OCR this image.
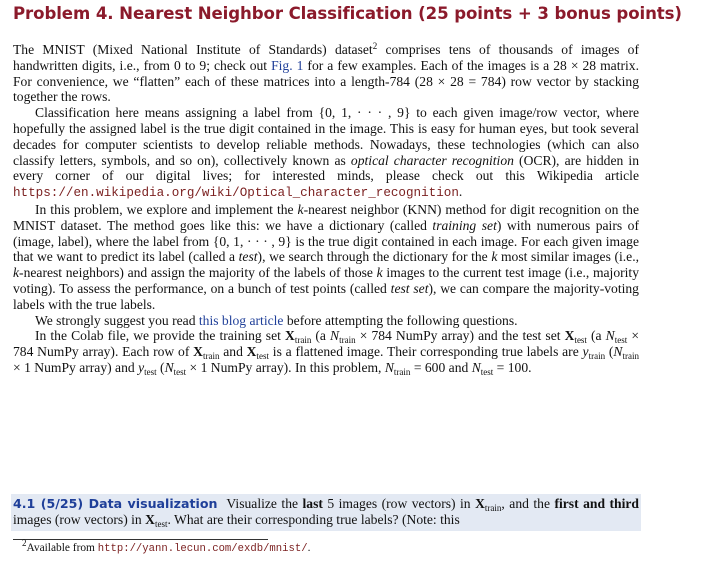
Problem 4. Nearest Neighbor Classification (25 points + 3 bonus points)

The MNIST (Mixed National Institute of Standards) dataset$^2$ comprises tens of thousands of images of handwritten digits, i.e., from 0 to 9; check out Fig. 1 for a few examples. Each of the images is a 28 × 28 matrix. For convenience, we “flatten” each of these matrices into a length-784 (28 × 28 = 784) row vector by stacking together the rows.

Classification here means assigning a label from {0, 1, · · · , 9} to each given image/row vector, where hopefully the assigned label is the true digit contained in the image. This is easy for human eyes, but took several decades for computer scientists to develop reliable methods. Nowadays, these technologies (which can also classify letters, symbols, and so on), collectively known as optical character recognition (OCR), are hidden in every corner of our digital lives; for interested minds, please check out this Wikipedia article https://en.wikipedia.org/wiki/Optical_character_recognition.

In this problem, we explore and implement the k-nearest neighbor (KNN) method for digit recognition on the MNIST dataset. The method goes like this: we have a dictionary (called training set) with numerous pairs of (image, label), where the label from {0, 1, · · · , 9} is the true digit contained in each image. For each given image that we want to predict its label (called a test), we search through the dictionary for the k most similar images (i.e., k-nearest neighbors) and assign the majority of the labels of those k images to the current test image (i.e., majority voting). To assess the performance, on a bunch of test points (called test set), we can compare the majority-voting labels with the true labels.

We strongly suggest you read this blog article before attempting the following questions.

In the Colab file, we provide the training set $X_{train}$ (a $N_{train} \times 784$ NumPy array) and the test set $X_{test}$ (a $N_{test} \times 784$ NumPy array). Each row of $X_{train}$ and $X_{test}$ is a flattened image. Their corresponding true labels are $y_{train}$ ($N_{train} \times 1$ NumPy array) and $y_{test}$ ($N_{test} \times 1$ NumPy array). In this problem, $N_{train} = 600$ and $N_{test} = 100$.

4.1 (5/25) Data visualization Visualize the last 5 images (row vectors) in $X_{train}$, and the first and third images (row vectors) in $X_{test}$. What are their corresponding true labels? (Note: this
$^2$Available from http://yann.lecun.com/exdb/mnist/.
